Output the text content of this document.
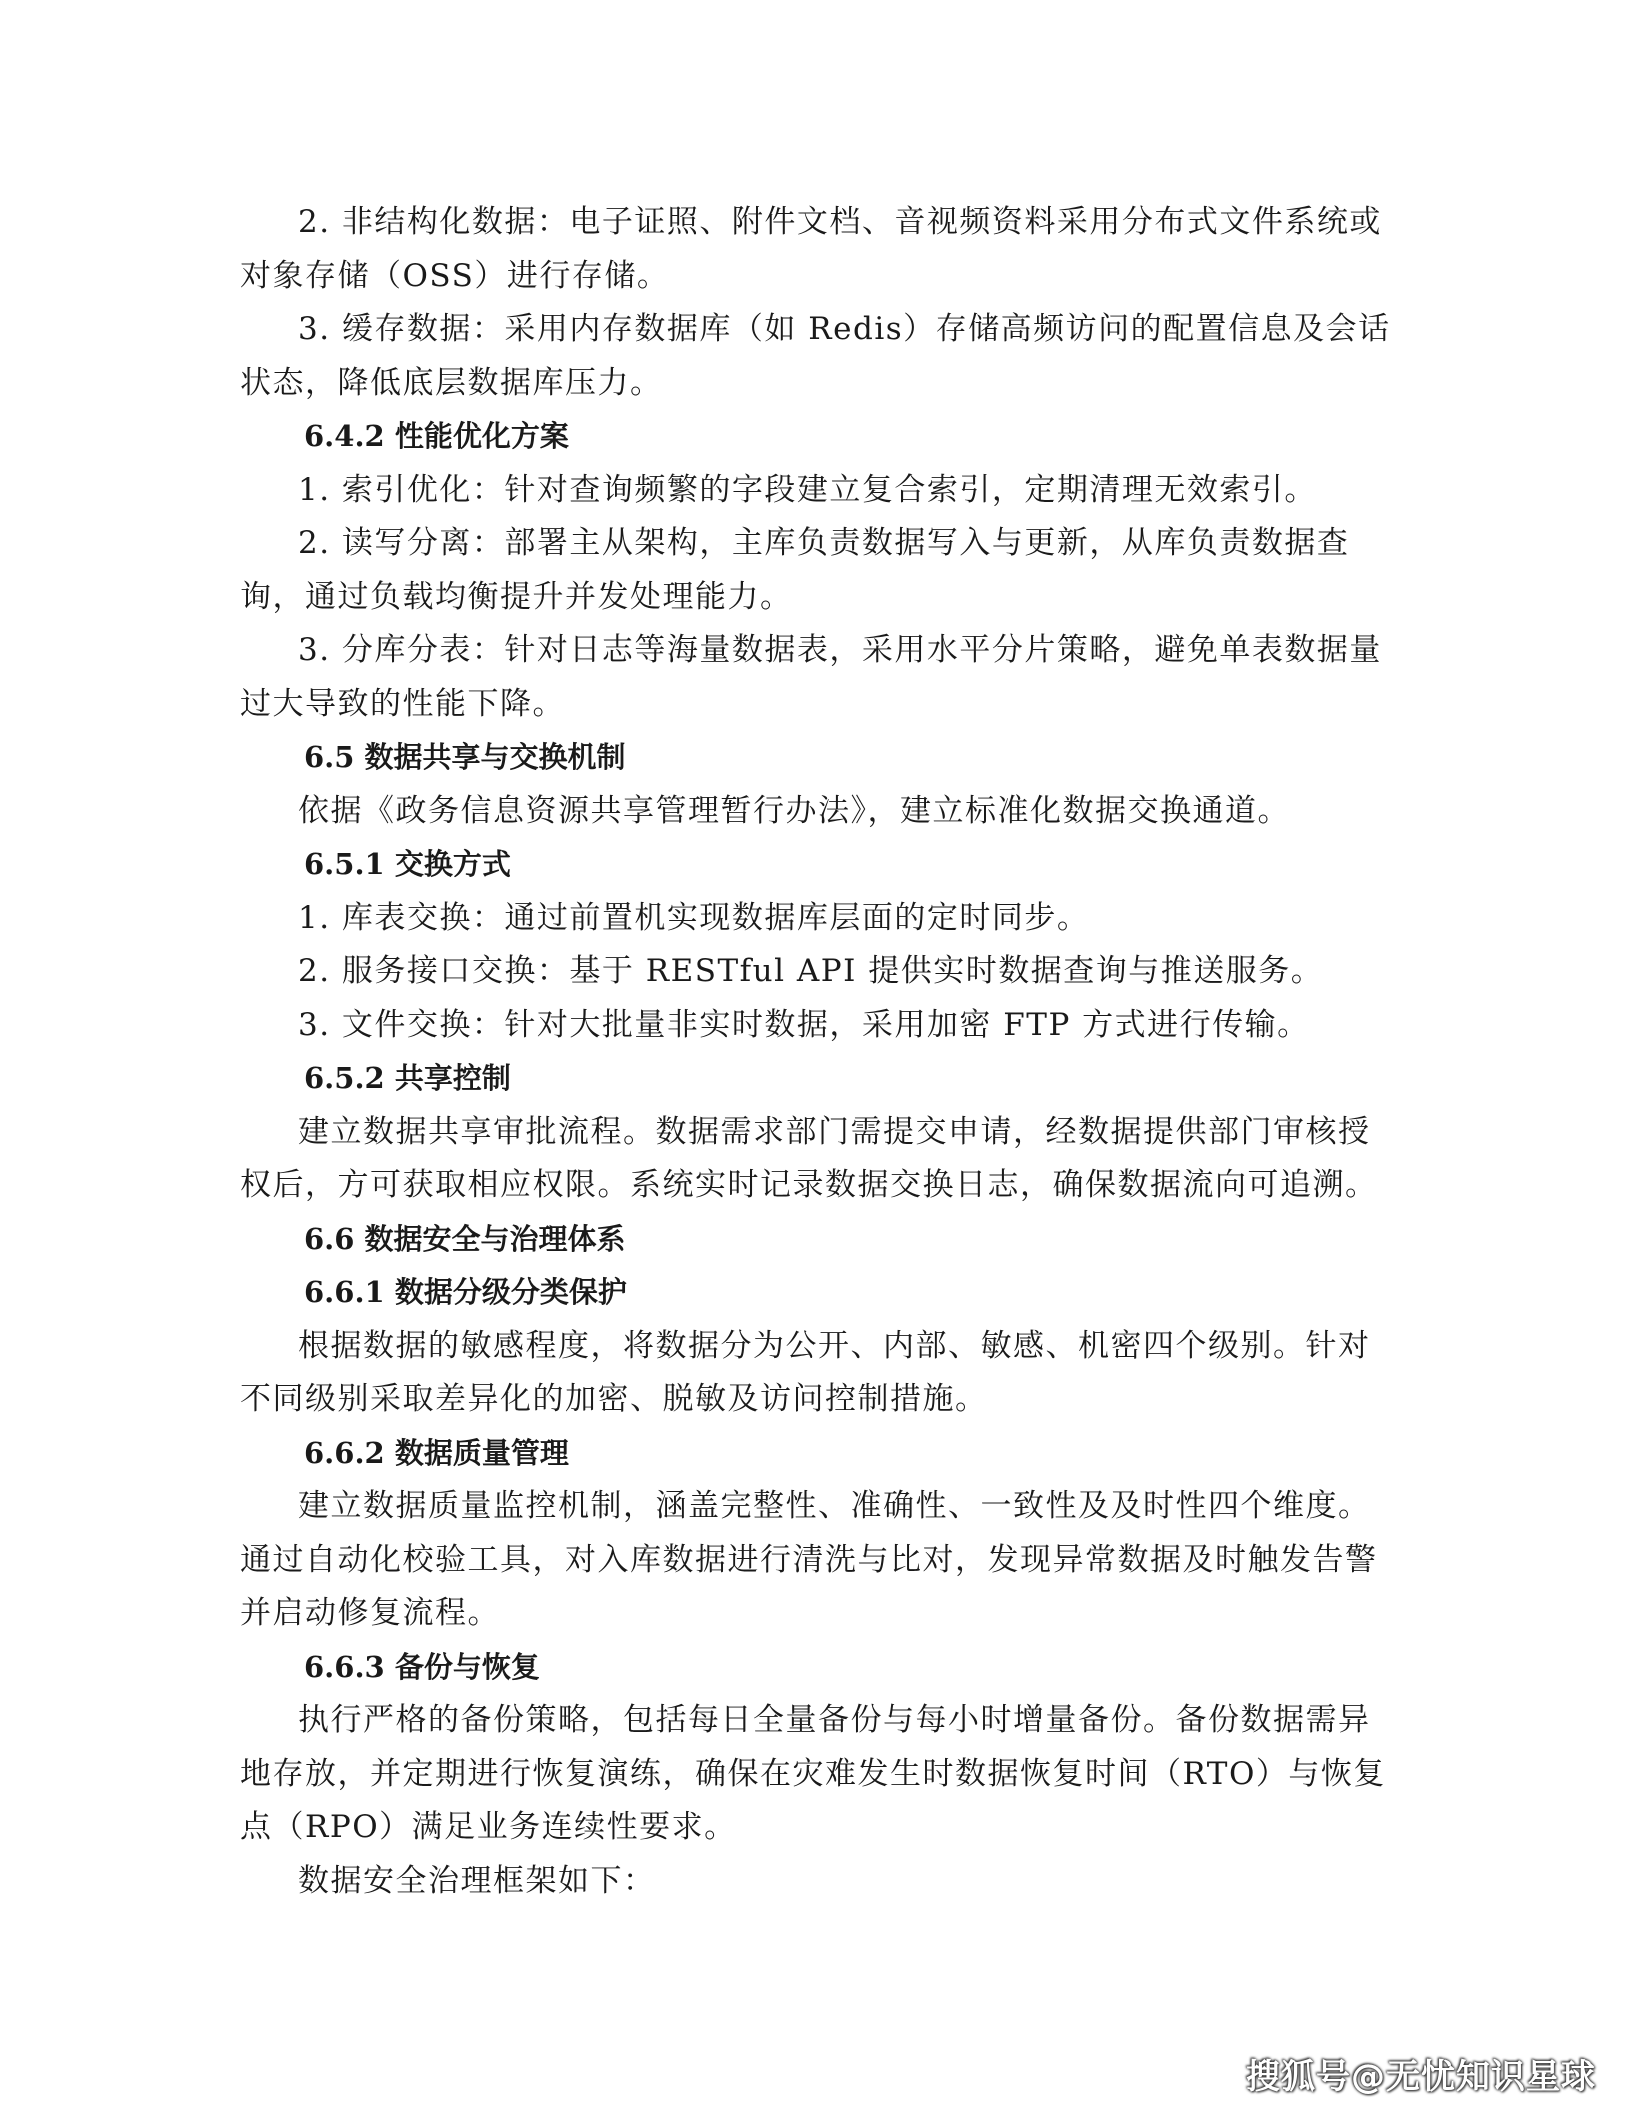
2. 非结构化数据：电子证照、附件文档、音视频资料采用分布式文件系统或对象存储（OSS）进行存储。

3. 缓存数据：采用内存数据库（如 Redis）存储高频访问的配置信息及会话状态，降低底层数据库压力。

6.4.2 性能优化方案

1. 索引优化：针对查询频繁的字段建立复合索引，定期清理无效索引。

2. 读写分离：部署主从架构，主库负责数据写入与更新，从库负责数据查询，通过负载均衡提升并发处理能力。

3. 分库分表：针对日志等海量数据表，采用水平分片策略，避免单表数据量过大导致的性能下降。

6.5 数据共享与交换机制

依据《政务信息资源共享管理暂行办法》，建立标准化数据交换通道。

6.5.1 交换方式

1. 库表交换：通过前置机实现数据库层面的定时同步。

2. 服务接口交换：基于 RESTful API 提供实时数据查询与推送服务。

3. 文件交换：针对大批量非实时数据，采用加密 FTP 方式进行传输。

6.5.2 共享控制

建立数据共享审批流程。数据需求部门需提交申请，经数据提供部门审核授权后，方可获取相应权限。系统实时记录数据交换日志，确保数据流向可追溯。

6.6 数据安全与治理体系

6.6.1 数据分级分类保护

根据数据的敏感程度，将数据分为公开、内部、敏感、机密四个级别。针对不同级别采取差异化的加密、脱敏及访问控制措施。

6.6.2 数据质量管理

建立数据质量监控机制，涵盖完整性、准确性、一致性及及时性四个维度。通过自动化校验工具，对入库数据进行清洗与比对，发现异常数据及时触发告警并启动修复流程。

6.6.3 备份与恢复

执行严格的备份策略，包括每日全量备份与每小时增量备份。备份数据需异地存放，并定期进行恢复演练，确保在灾难发生时数据恢复时间（RTO）与恢复点（RPO）满足业务连续性要求。

数据安全治理框架如下：

搜狐号@无忧知识星球
